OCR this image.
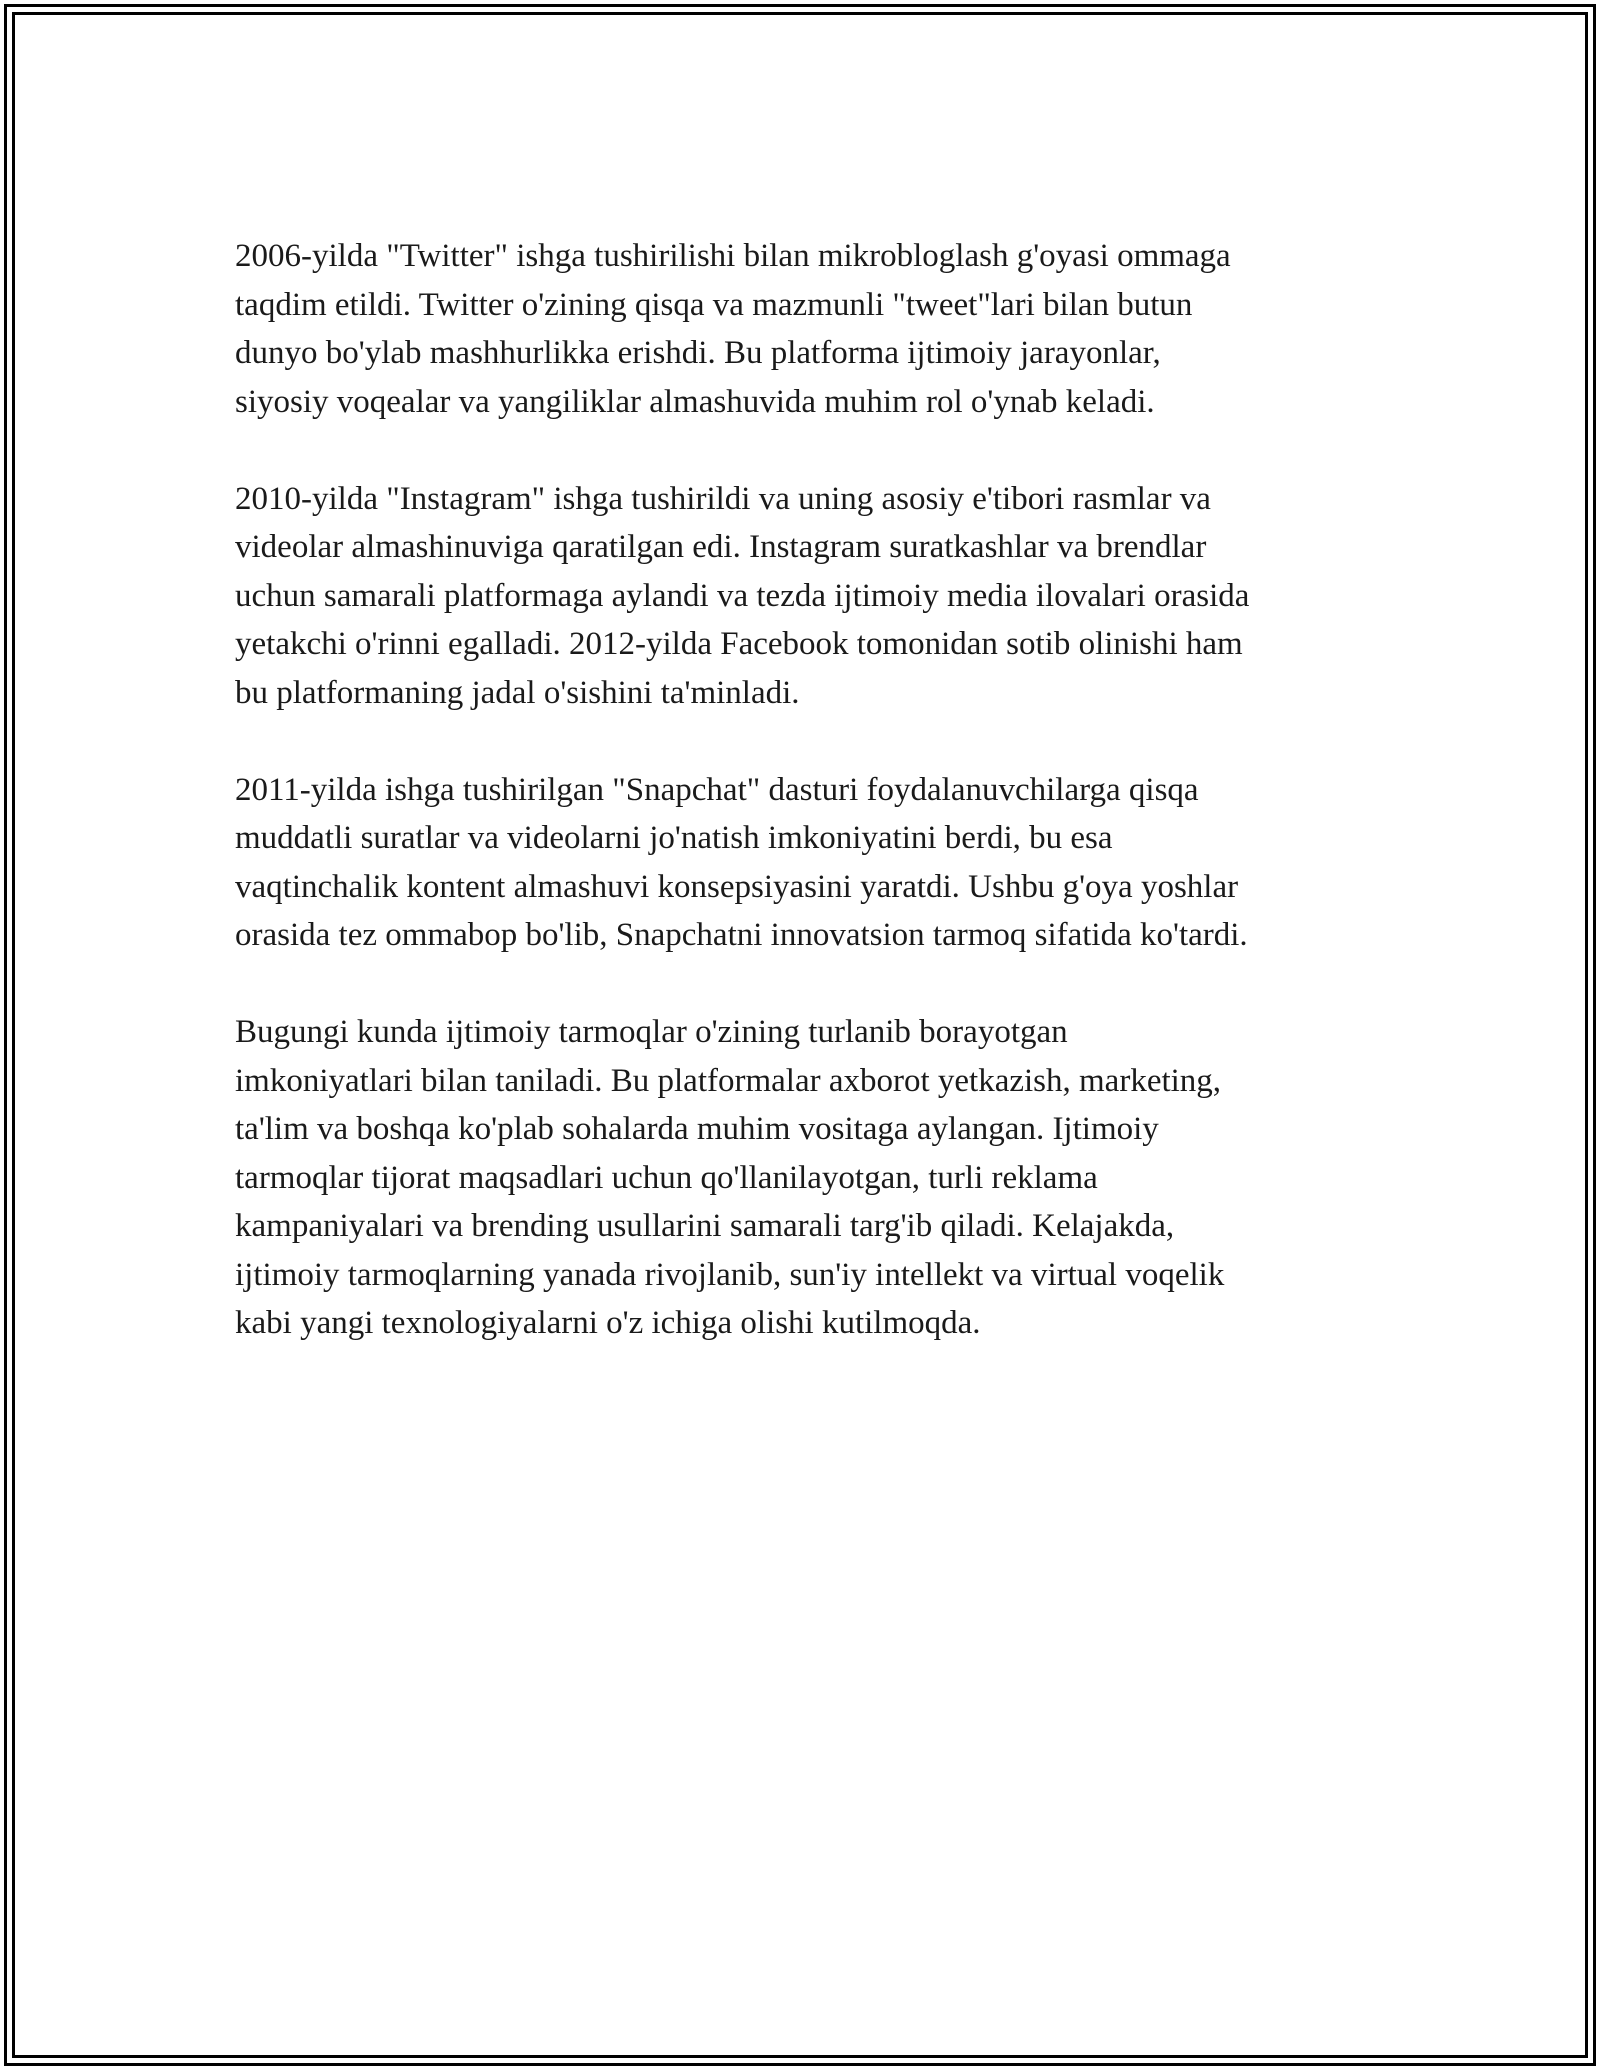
2006-yilda "Twitter" ishga tushirilishi bilan mikrobloglash g'oyasi ommaga
taqdim etildi. Twitter o'zining qisqa va mazmunli "tweet"lari bilan butun
dunyo bo'ylab mashhurlikka erishdi. Bu platforma ijtimoiy jarayonlar,
siyosiy voqealar va yangiliklar almashuvida muhim rol o'ynab keladi.

2010-yilda "Instagram" ishga tushirildi va uning asosiy e'tibori rasmlar va
videolar almashinuviga qaratilgan edi. Instagram suratkashlar va brendlar
uchun samarali platformaga aylandi va tezda ijtimoiy media ilovalari orasida
yetakchi o'rinni egalladi. 2012-yilda Facebook tomonidan sotib olinishi ham
bu platformaning jadal o'sishini ta'minladi.

2011-yilda ishga tushirilgan "Snapchat" dasturi foydalanuvchilarga qisqa
muddatli suratlar va videolarni jo'natish imkoniyatini berdi, bu esa
vaqtinchalik kontent almashuvi konsepsiyasini yaratdi. Ushbu g'oya yoshlar
orasida tez ommabop bo'lib, Snapchatni innovatsion tarmoq sifatida ko'tardi.

Bugungi kunda ijtimoiy tarmoqlar o'zining turlanib borayotgan
imkoniyatlari bilan taniladi. Bu platformalar axborot yetkazish, marketing,
ta'lim va boshqa ko'plab sohalarda muhim vositaga aylangan. Ijtimoiy
tarmoqlar tijorat maqsadlari uchun qo'llanilayotgan, turli reklama
kampaniyalari va brending usullarini samarali targ'ib qiladi. Kelajakda,
ijtimoiy tarmoqlarning yanada rivojlanib, sun'iy intellekt va virtual voqelik
kabi yangi texnologiyalarni o'z ichiga olishi kutilmoqda.
